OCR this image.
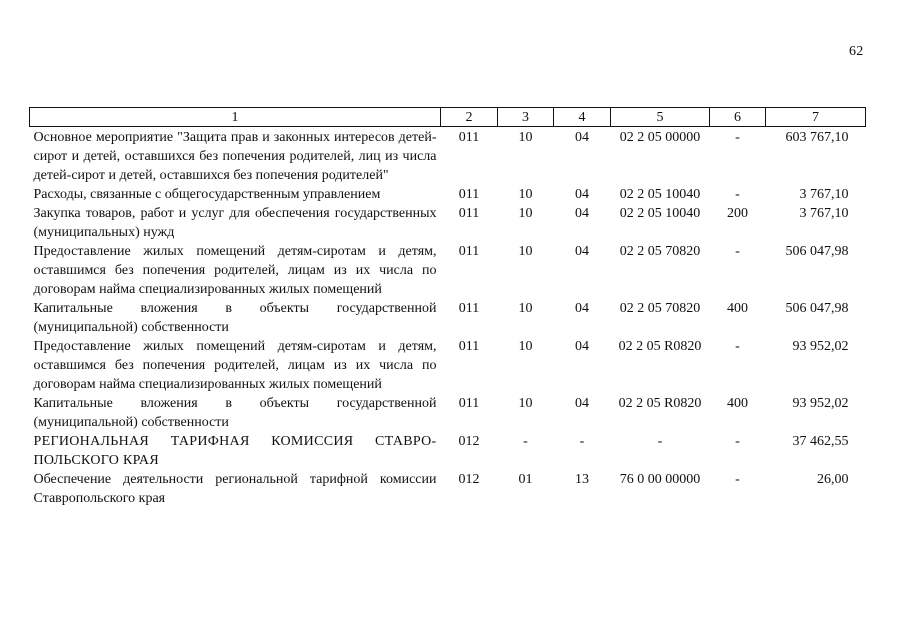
62
1	2	3	4	5	6	7
Основное мероприятие "Защита прав и законных интересов детей-сирот и детей, оставшихся без попечения родителей, лиц из числа детей-сирот и детей, оставшихся без попечения родителей"	011	10	04	02 2 05 00000	-	603 767,10
Расходы, связанные с общегосударственным управлением	011	10	04	02 2 05 10040	-	3 767,10
Закупка товаров, работ и услуг для обеспечения государственных (муниципальных) нужд	011	10	04	02 2 05 10040	200	3 767,10
Предоставление жилых помещений детям-сиротам и детям, оставшимся без попечения родителей, лицам из их числа по договорам найма специализированных жилых помещений	011	10	04	02 2 05 70820	-	506 047,98
Капитальные вложения в объекты государственной (муниципальной) собственности	011	10	04	02 2 05 70820	400	506 047,98
Предоставление жилых помещений детям-сиротам и детям, оставшимся без попечения родителей, лицам из их числа по договорам найма специализированных жилых помещений	011	10	04	02 2 05 R0820	-	93 952,02
Капитальные вложения в объекты государственной (муниципальной) собственности	011	10	04	02 2 05 R0820	400	93 952,02
РЕГИОНАЛЬНАЯ ТАРИФНАЯ КОМИССИЯ СТАВРО-ПОЛЬСКОГО КРАЯ	012	-	-	-	-	37 462,55
Обеспечение деятельности региональной тарифной комиссии Ставропольского края	012	01	13	76 0 00 00000	-	26,00
